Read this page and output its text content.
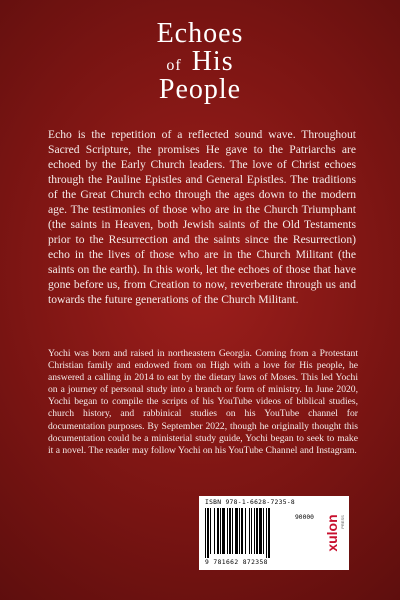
Echoes
of His
People

Echo is the repetition of a reflected sound wave. Throughout Sacred Scripture, the promises He gave to the Patriarchs are echoed by the Early Church leaders. The love of Christ echoes through the Pauline Epistles and General Epistles. The traditions of the Great Church echo through the ages down to the modern age. The testimonies of those who are in the Church Triumphant (the saints in Heaven, both Jewish saints of the Old Testaments prior to the Resurrection and the saints since the Resurrection) echo in the lives of those who are in the Church Militant (the saints on the earth). In this work, let the echoes of those that have gone before us, from Creation to now, reverberate through us and towards the future generations of the Church Militant.

Yochi was born and raised in northeastern Georgia. Coming from a Protestant Christian family and endowed from on High with a love for His people, he answered a calling in 2014 to eat by the dietary laws of Moses. This led Yochi on a journey of personal study into a branch or form of ministry. In June 2020, Yochi began to compile the scripts of his YouTube videos of biblical studies, church history, and rabbinical studies on his YouTube channel for documentation purposes. By September 2022, though he originally thought this documentation could be a ministerial study guide, Yochi began to seek to make it a novel. The reader may follow Yochi on his YouTube Channel and Instagram.

ISBN 978-1-6628-7235-8
90000
9 781662 872358
xulon PRESS
